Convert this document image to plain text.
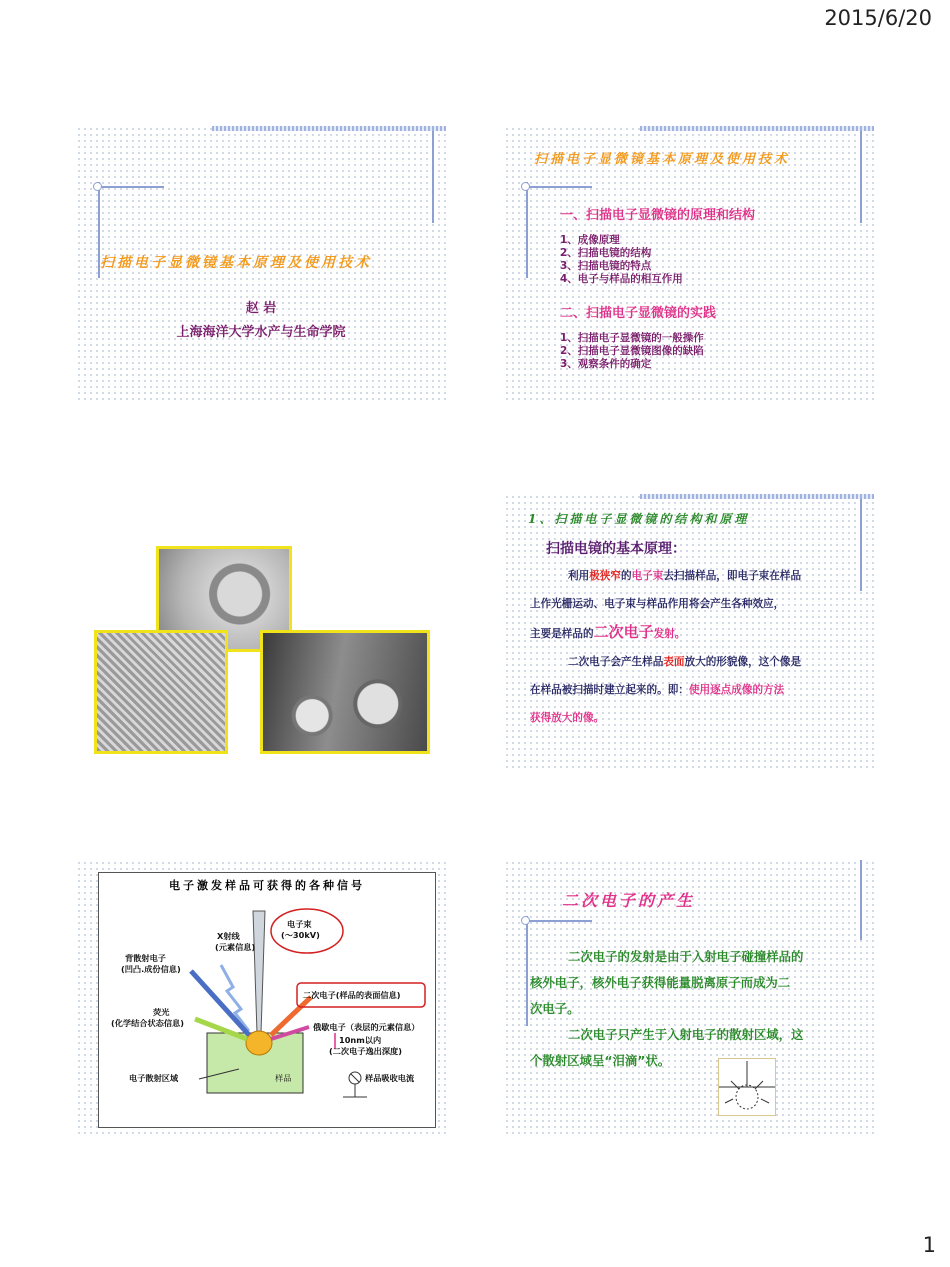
2015/6/20
扫描电子显微镜基本原理及使用技术
赵 岩
上海海洋大学水产与生命学院
扫描电子显微镜基本原理及使用技术
一、扫描电子显微镜的原理和结构
1、成像原理
2、扫描电镜的结构
3、扫描电镜的特点
4、电子与样品的相互作用
二、扫描电子显微镜的实践
1、扫描电子显微镜的一般操作
2、扫描电子显微镜图像的缺陷
3、观察条件的确定
昆虫学研究中的应用
不同倍率的果蝇SEM像
1、扫描电子显微镜的结构和原理
扫描电镜的基本原理：
利用极狭窄的电子束去扫描样品，即电子束在样品
上作光栅运动、电子束与样品作用将会产生各种效应，
主要是样品的二次电子发射。
二次电子会产生样品表面放大的形貌像，这个像是
在样品被扫描时建立起来的。即：使用逐点成像的方法
获得放大的像。
电子激发样品可获得的各种信号
电子束
(～30kV)
X射线
(元素信息)
背散射电子
(凹凸.成份信息)
二次电子(样品的表面信息)
荧光
(化学结合状态信息)	俄歇电子（表层的元素信息）
10nm以内
(二次电子逸出深度)
电子散射区域	样品	样品吸收电流
二次电子的产生
二次电子的发射是由于入射电子碰撞样品的
核外电子，核外电子获得能量脱离原子而成为二
次电子。
二次电子只产生于入射电子的散射区域，这
个散射区域呈“泪滴”状。
1
